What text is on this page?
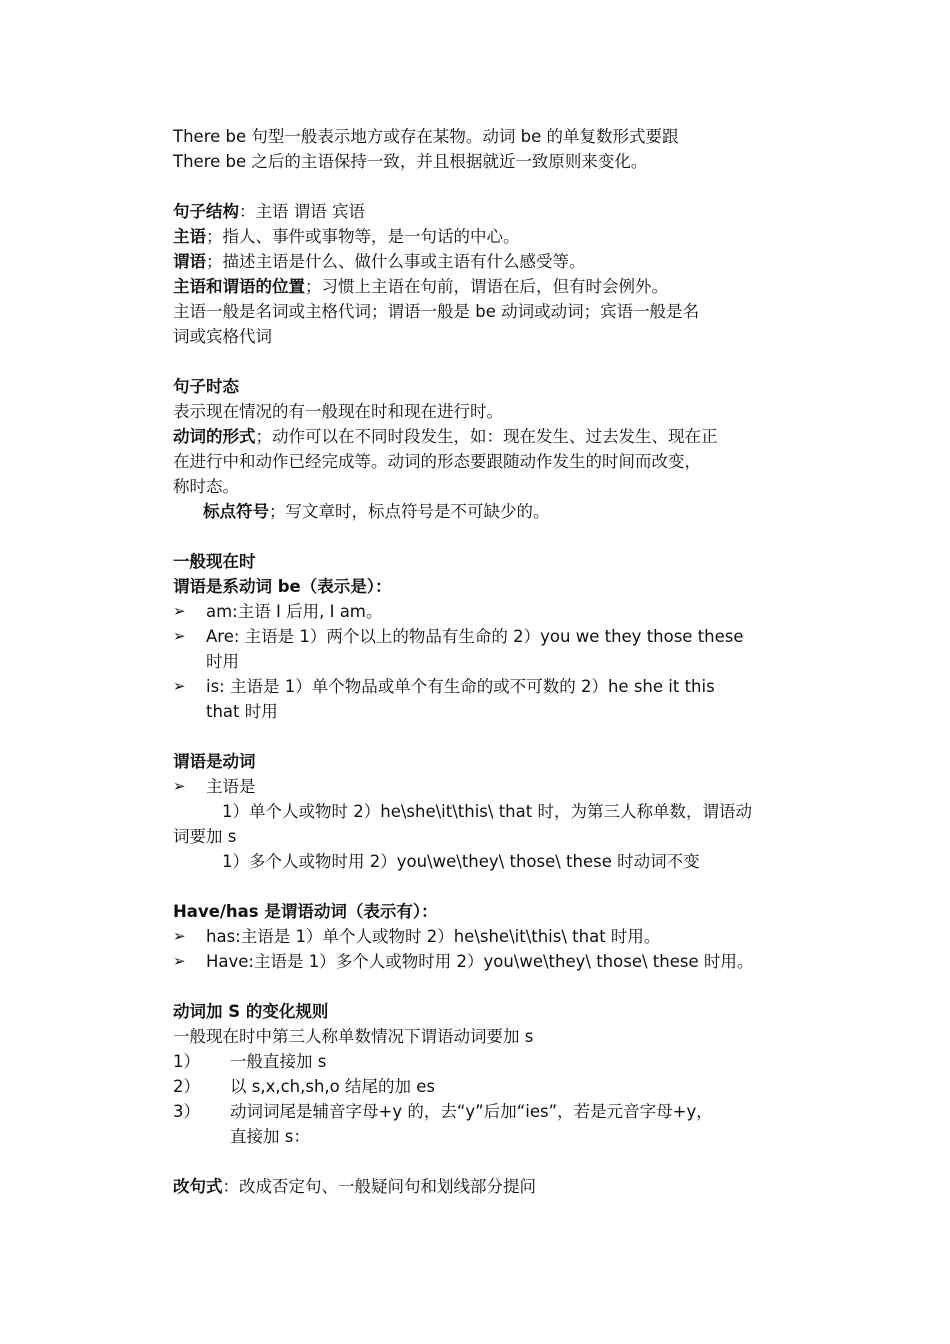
There be 句型一般表示地方或存在某物。动词 be 的单复数形式要跟

There be 之后的主语保持一致，并且根据就近一致原则来变化。

句子结构：主语 谓语 宾语

主语；指人、事件或事物等，是一句话的中心。

谓语；描述主语是什么、做什么事或主语有什么感受等。

主语和谓语的位置；习惯上主语在句前，谓语在后，但有时会例外。

主语一般是名词或主格代词；谓语一般是 be 动词或动词；宾语一般是名

词或宾格代词

句子时态

表示现在情况的有一般现在时和现在进行时。

动词的形式；动作可以在不同时段发生，如：现在发生、过去发生、现在正

在进行中和动作已经完成等。动词的形态要跟随动作发生的时间而改变，

称时态。

标点符号；写文章时，标点符号是不可缺少的。

一般现在时

谓语是系动词 be（表示是）：

➢	am:主语 I 后用, I am。
➢	Are: 主语是 1）两个以上的物品有生命的 2）you we they those these
时用
➢	is: 主语是 1）单个物品或单个有生命的或不可数的 2）he she it this
that 时用

谓语是动词

➢	主语是

1）单个人或物时 2）he\she\it\this\ that 时，为第三人称单数，谓语动

词要加 s

1）多个人或物时用 2）you\we\they\ those\ these 时动词不变

Have/has 是谓语动词（表示有）：

➢	has:主语是 1）单个人或物时 2）he\she\it\this\ that 时用。
➢	Have:主语是 1）多个人或物时用 2）you\we\they\ those\ these 时用。

动词加 S 的变化规则

一般现在时中第三人称单数情况下谓语动词要加 s

1）	一般直接加 s
2）	以 s,x,ch,sh,o 结尾的加 es
3）	动词词尾是辅音字母+y 的，去“y”后加“ies”，若是元音字母+y，
直接加 s：

改句式：改成否定句、一般疑问句和划线部分提问
